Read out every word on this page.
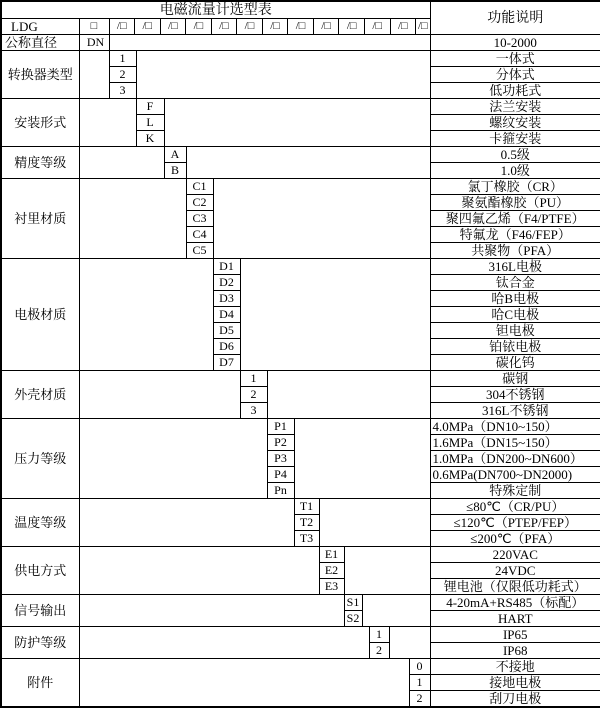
电磁流量计选型表																功能说明
LDG	□	/□	/□	/□	/□	/□	/□	/□	/□	/□	/□	/□	/□ /□

公称直径	DN															10-2000
转换器类型		1														一体式
		2														分体式
		3														低功耗式
安装形式			F													法兰安装
			L													螺纹安装
			K													卡箍安装
精度等级				A												0.5级
				B												1.0级
衬里材质					C1											氯丁橡胶（CR）
					C2											聚氨酯橡胶（PU）
					C3											聚四氟乙烯（F4/PTFE）
					C4											特氟龙（F46/FEP）
					C5											共聚物（PFA）
电极材质						D1										316L电极
						D2										钛合金
						D3										哈B电极
						D4										哈C电极
						D5										钽电极
						D6										铂铱电极
						D7										碳化钨
外壳材质							1									碳钢
							2									304不锈钢
							3									316L不锈钢
压力等级								P1								4.0MPa（DN10~150）
								P2								1.6MPa（DN15~150）
								P3								1.0MPa（DN200~DN600）
								P4								0.6MPa(DN700~DN2000)
								Pn								特殊定制
温度等级									T1							≤80℃（CR/PU）
									T2							≤120℃（PTEP/FEP）
									T3							≤200℃（PFA）
供电方式										E1						220VAC
										E2						24VDC
										E3						锂电池（仅限低功耗式）
信号输出											S1					4-20mA+RS485（标配）
											S2					HART
防护等级													1			IP65
													2			IP68
附件															0	不接地
															1	接地电极
															2	刮刀电极
